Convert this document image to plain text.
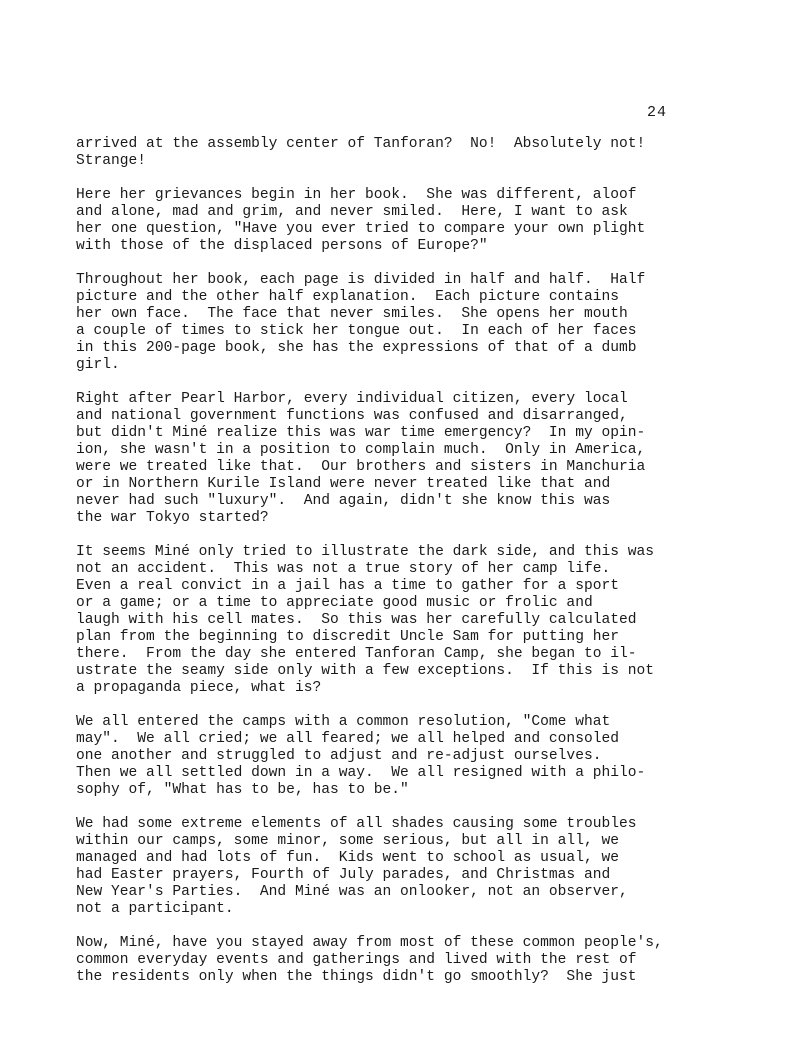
24
arrived at the assembly center of Tanforan?  No!  Absolutely not!
Strange!
Here her grievances begin in her book.  She was different, aloof
and alone, mad and grim, and never smiled.  Here, I want to ask
her one question, "Have you ever tried to compare your own plight
with those of the displaced persons of Europe?"
Throughout her book, each page is divided in half and half.  Half
picture and the other half explanation.  Each picture contains
her own face.  The face that never smiles.  She opens her mouth
a couple of times to stick her tongue out.  In each of her faces
in this 200-page book, she has the expressions of that of a dumb
girl.
Right after Pearl Harbor, every individual citizen, every local
and national government functions was confused and disarranged,
but didn't Miné realize this was war time emergency?  In my opin-
ion, she wasn't in a position to complain much.  Only in America,
were we treated like that.  Our brothers and sisters in Manchuria
or in Northern Kurile Island were never treated like that and
never had such "luxury".  And again, didn't she know this was
the war Tokyo started?
It seems Miné only tried to illustrate the dark side, and this was
not an accident.  This was not a true story of her camp life.
Even a real convict in a jail has a time to gather for a sport
or a game; or a time to appreciate good music or frolic and
laugh with his cell mates.  So this was her carefully calculated
plan from the beginning to discredit Uncle Sam for putting her
there.  From the day she entered Tanforan Camp, she began to il-
ustrate the seamy side only with a few exceptions.  If this is not
a propaganda piece, what is?
We all entered the camps with a common resolution, "Come what
may".  We all cried; we all feared; we all helped and consoled
one another and struggled to adjust and re-adjust ourselves.
Then we all settled down in a way.  We all resigned with a philo-
sophy of, "What has to be, has to be."
We had some extreme elements of all shades causing some troubles
within our camps, some minor, some serious, but all in all, we
managed and had lots of fun.  Kids went to school as usual, we
had Easter prayers, Fourth of July parades, and Christmas and
New Year's Parties.  And Miné was an onlooker, not an observer,
not a participant.
Now, Miné, have you stayed away from most of these common people's,
common everyday events and gatherings and lived with the rest of
the residents only when the things didn't go smoothly?  She just
